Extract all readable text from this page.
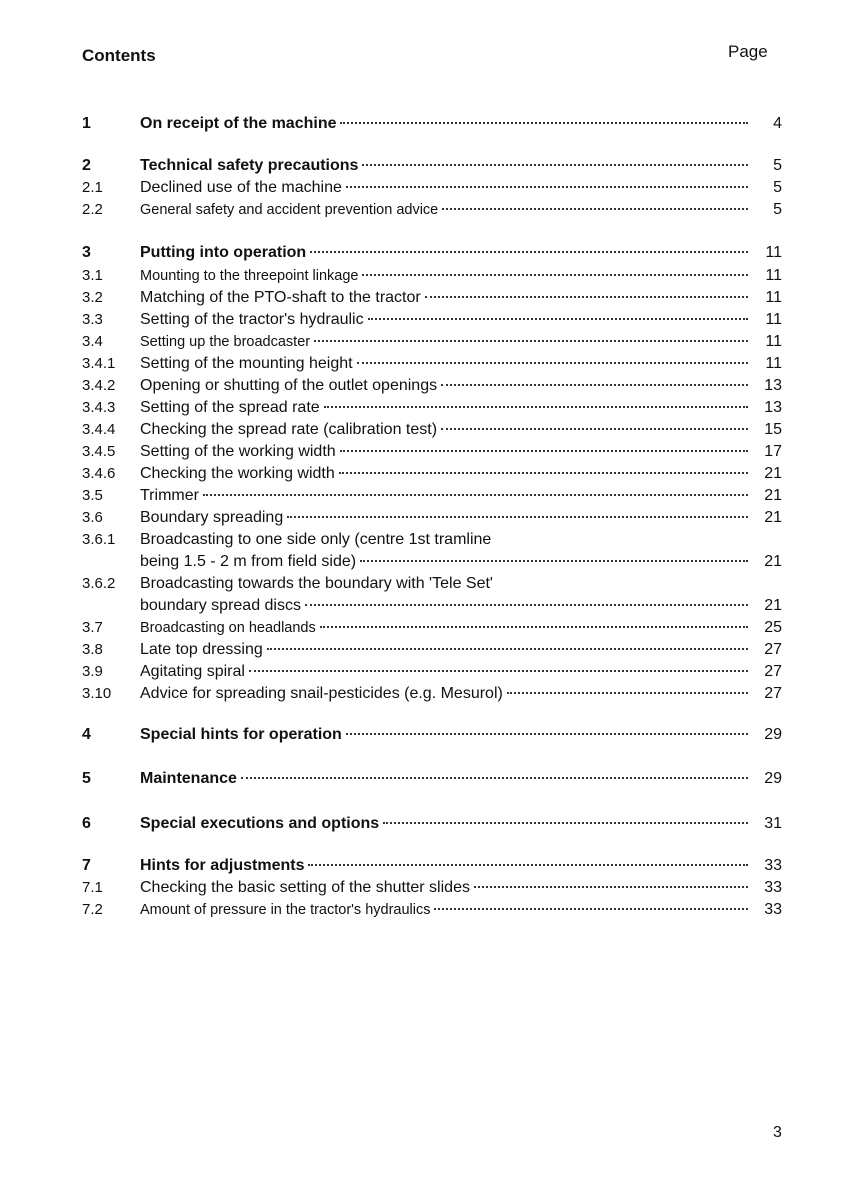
Contents	Page
1	On receipt of the machine	4
2	Technical safety precautions	5
2.1 Declined use of the machine	5
2.2	General safety and accident prevention advice	5
3	Putting into operation	11
3.1	Mounting to the threepoint linkage	11
3.2 Matching of the PTO-shaft to the tractor	11
3.3 Setting of the tractor's hydraulic	11
3.4	Setting up the broadcaster	11
3.4.1 Setting of the mounting height	11
3.4.2 Opening or shutting of the outlet openings	13
3.4.3 Setting of the spread rate	13
3.4.4 Checking the spread rate (calibration test)	15
3.4.5 Setting of the working width	17
3.4.6 Checking the working width	21
3.5 Trimmer	21
3.6 Boundary spreading	21
3.6.1 Broadcasting to one side only (centre 1st tramline
being 1.5 - 2 m from field side)	21
3.6.2 Broadcasting towards the boundary with 'Tele Set'
boundary spread discs	21
3.7	Broadcasting on headlands	25
3.8 Late top dressing	27
3.9 Agitating spiral	27
3.10 Advice for spreading snail-pesticides (e.g. Mesurol)	27
4	Special hints for operation	29
5	Maintenance	29
6	Special executions and options	31
7	Hints for adjustments	33
7.1 Checking the basic setting of the shutter slides	33
7.2	Amount of pressure in the tractor's hydraulics	33
3
